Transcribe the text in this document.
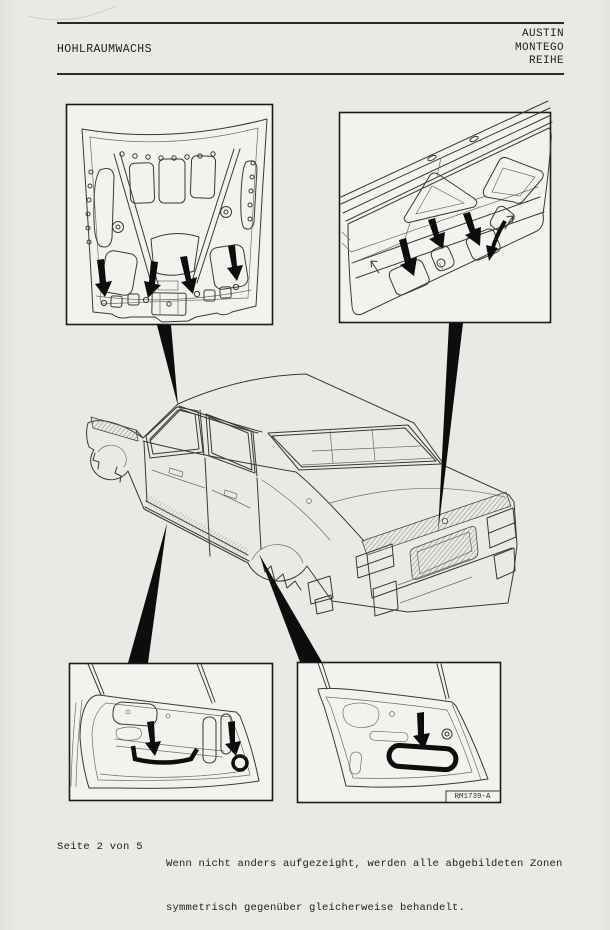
HOHLRAUMWACHS
AUSTIN
MONTEGO
REIHE
RM1739-A
Seite 2 von 5

Wenn nicht anders aufgezeight, werden alle abgebildeten Zonen

symmetrisch gegenüber gleicherweise behandelt.
